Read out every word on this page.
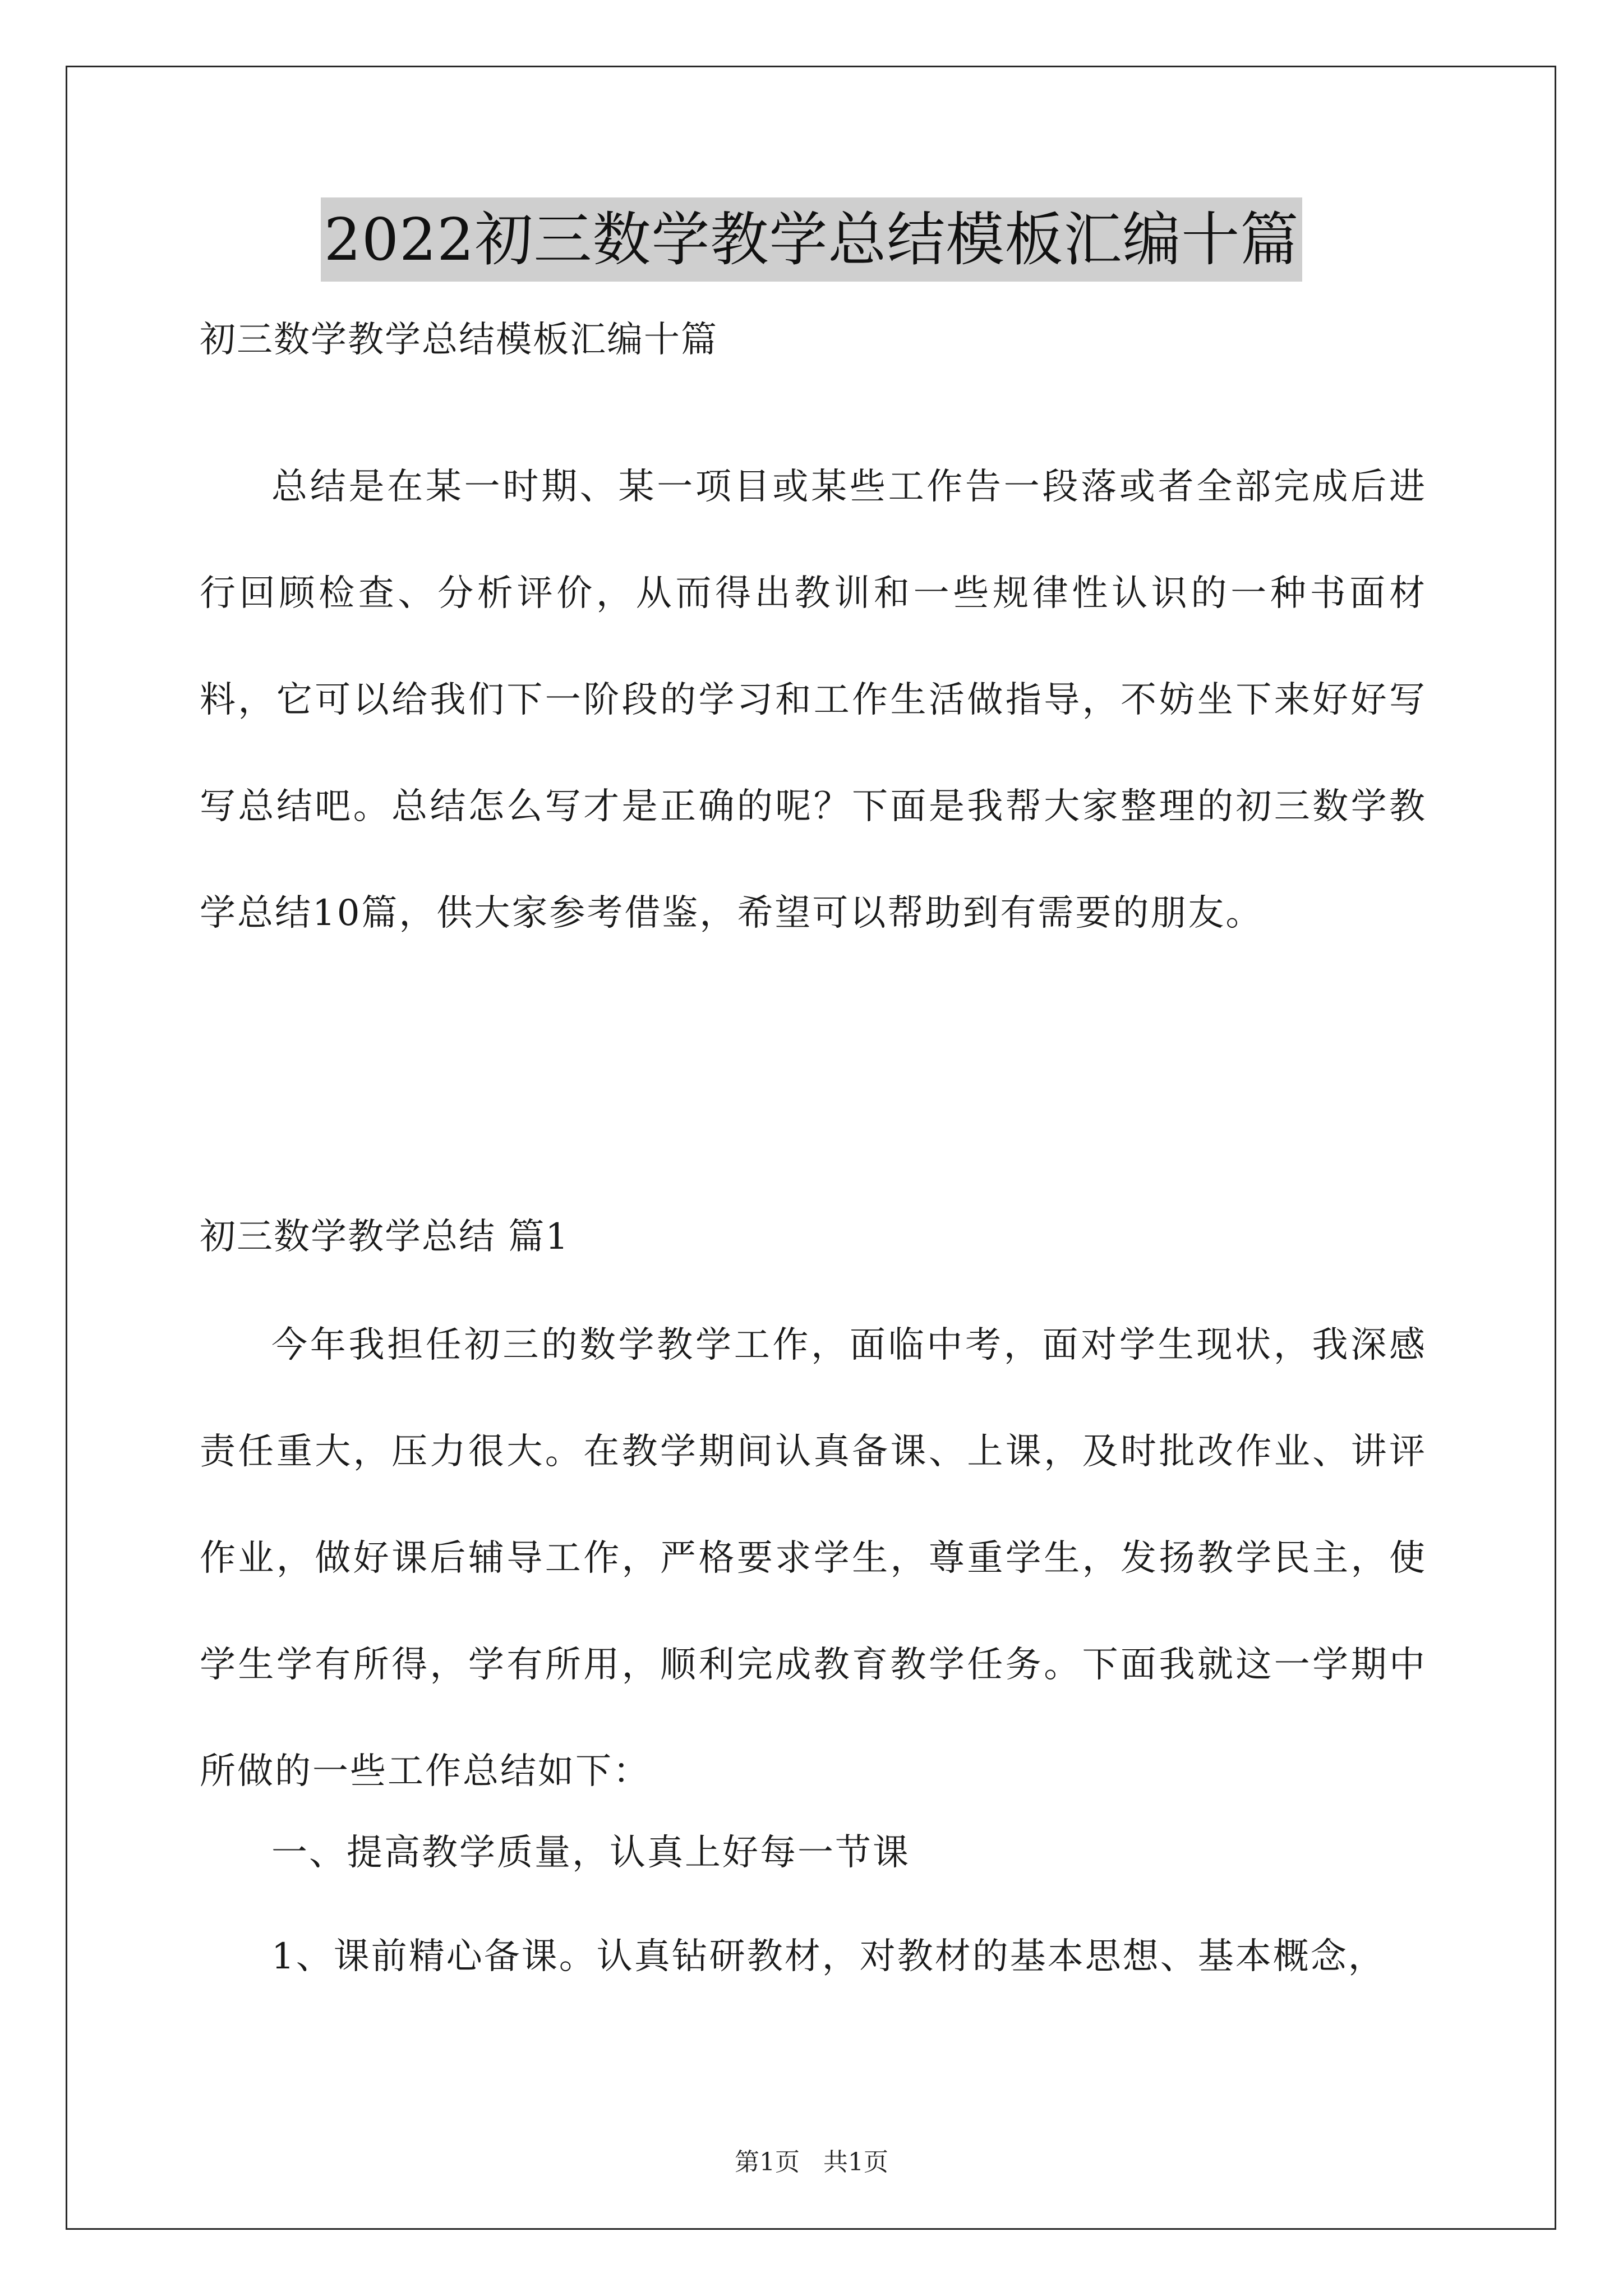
2022初三数学教学总结模板汇编十篇
初三数学教学总结模板汇编十篇

总结是在某一时期、某一项目或某些工作告一段落或者全部完成后进行回顾检查、分析评价，从而得出教训和一些规律性认识的一种书面材料，它可以给我们下一阶段的学习和工作生活做指导，不妨坐下来好好写写总结吧。总结怎么写才是正确的呢？下面是我帮大家整理的初三数学教学总结10篇，供大家参考借鉴，希望可以帮助到有需要的朋友。

初三数学教学总结 篇1

今年我担任初三的数学教学工作，面临中考，面对学生现状，我深感责任重大，压力很大。在教学期间认真备课、上课，及时批改作业、讲评作业，做好课后辅导工作，严格要求学生，尊重学生，发扬教学民主，使学生学有所得，学有所用，顺利完成教育教学任务。下面我就这一学期中所做的一些工作总结如下：

一、提高教学质量，认真上好每一节课

1、课前精心备课。认真钻研教材，对教材的基本思想、基本概念，

第1页   共1页
